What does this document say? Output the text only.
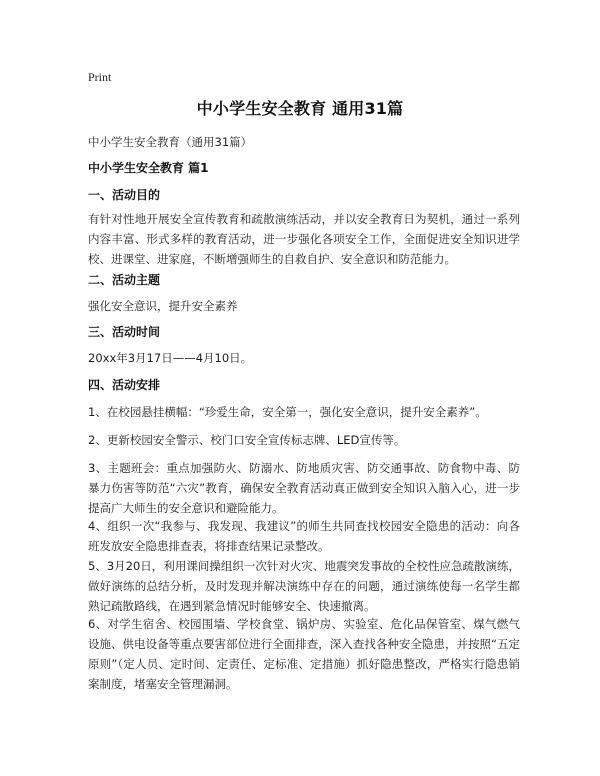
Print
中小学生安全教育 通用31篇

中小学生安全教育（通用31篇）

中小学生安全教育 篇1

一、活动目的

有针对性地开展安全宣传教育和疏散演练活动，并以安全教育日为契机，通过一系列内容丰富、形式多样的教育活动，进一步强化各项安全工作，全面促进安全知识进学校、进课堂、进家庭，不断增强师生的自救自护、安全意识和防范能力。

二、活动主题

强化安全意识，提升安全素养

三、活动时间

20xx年3月17日——4月10日。

四、活动安排

1、在校园悬挂横幅：“珍爱生命，安全第一，强化安全意识，提升安全素养”。

2、更新校园安全警示、校门口安全宣传标志牌、LED宣传等。

3、主题班会：重点加强防火、防溺水、防地质灾害、防交通事故、防食物中毒、防暴力伤害等防范“六灾”教育，确保安全教育活动真正做到安全知识入脑入心，进一步提高广大师生的安全意识和避险能力。

4、组织一次“我参与、我发现、我建议”的师生共同查找校园安全隐患的活动：向各班发放安全隐患排查表，将排查结果记录整改。

5、3月20日，利用课间操组织一次针对火灾、地震突发事故的全校性应急疏散演练，做好演练的总结分析，及时发现并解决演练中存在的问题，通过演练使每一名学生都熟记疏散路线，在遇到紧急情况时能够安全、快速撤离。

6、对学生宿舍、校园围墙、学校食堂、锅炉房、实验室、危化品保管室、煤气燃气设施、供电设备等重点要害部位进行全面排查，深入查找各种安全隐患，并按照“五定原则”（定人员、定时间、定责任、定标准、定措施）抓好隐患整改，严格实行隐患销案制度，堵塞安全管理漏洞。
